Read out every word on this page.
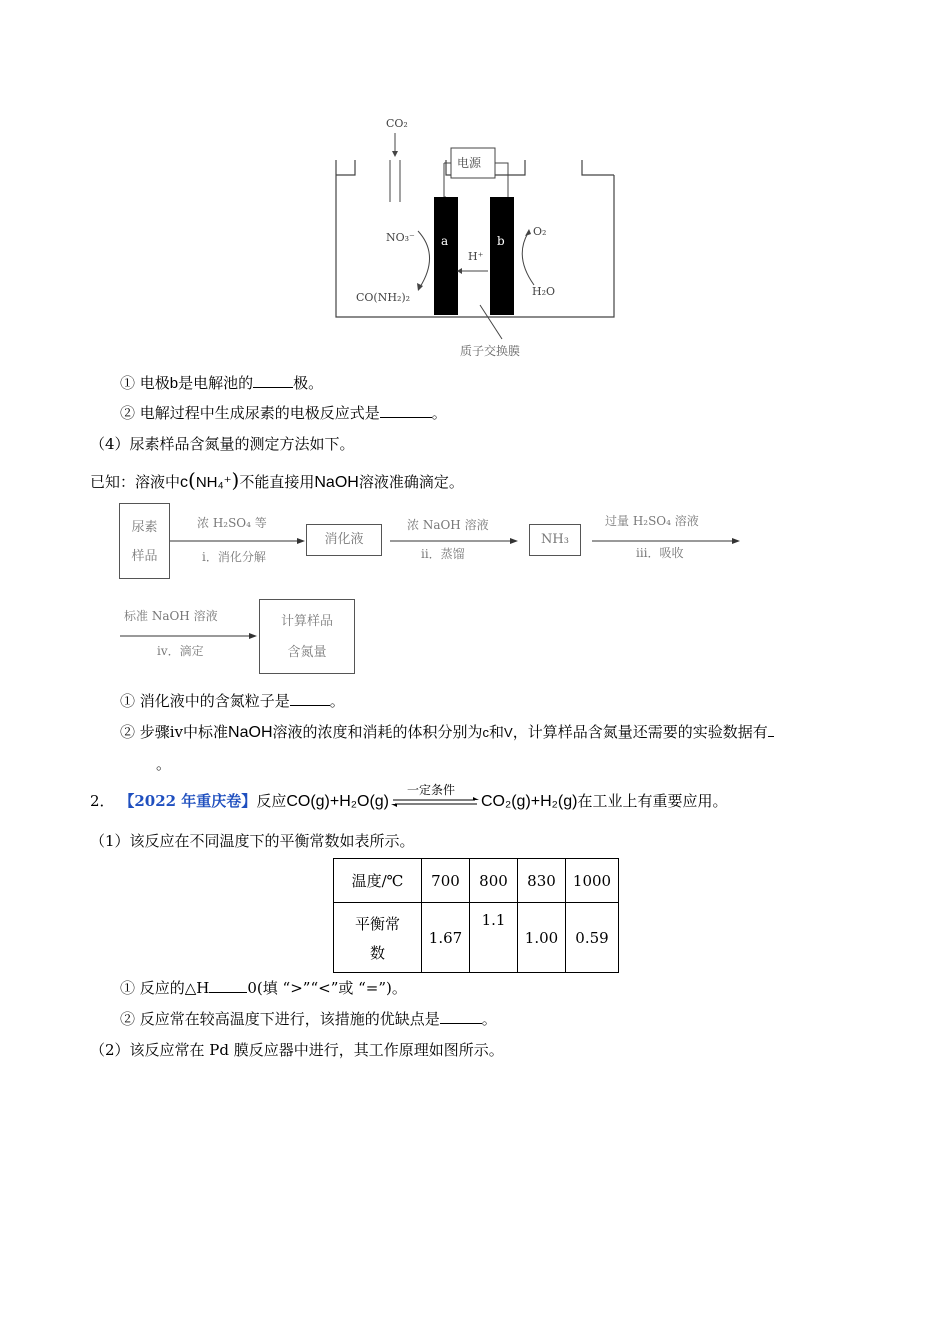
CO₂
电源
a	b
H⁺
NO₃⁻
CO(NH₂)₂
O₂
H₂O
质子交换膜
① 电极b是电解池的	极。
② 电解过程中生成尿素的电极反应式是	。
（4）尿素样品含氮量的测定方法如下。
已知：溶液中c(NH₄⁺)不能直接用NaOH溶液准确滴定。
尿素
样品
浓 H₂SO₄ 等
ⅰ．消化分解
消化液
浓 NaOH 溶液
ⅱ．蒸馏
NH₃
过量 H₂SO₄ 溶液
ⅲ．吸收
标准 NaOH 溶液
ⅳ．滴定
计算样品
含氮量
① 消化液中的含氮粒子是	。
② 步骤ⅳ中标准NaOH溶液的浓度和消耗的体积分别为c和V，计算样品含氮量还需要的实验数据有
。
2． 【2022 年重庆卷】反应CO(g)+H₂O(g)
一定条件
CO₂(g)+H₂(g)在工业上有重要应用。
（1）该反应在不同温度下的平衡常数如表所示。
温度/℃	700	800	830	1000

平衡常
数	1.67	1.1	1.00	0.59
① 反应的△H	0(填 “>”“<”或 “=”)。
② 反应常在较高温度下进行，该措施的优缺点是	。
（2）该反应常在 Pd 膜反应器中进行，其工作原理如图所示。
